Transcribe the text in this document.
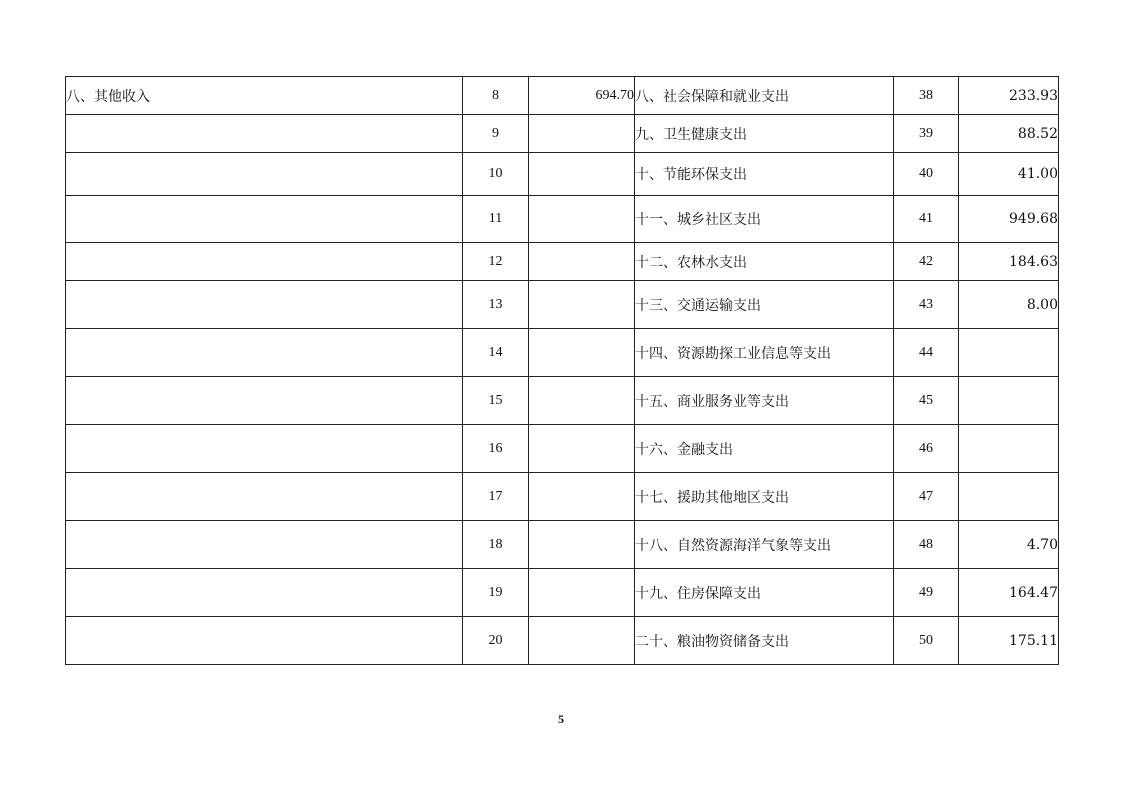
八、其他收入	8	694.70	八、社会保障和就业支出	38	233.93
	9		九、卫生健康支出	39	88.52
	10		十、节能环保支出	40	41.00
	11		十一、城乡社区支出	41	949.68
	12		十二、农林水支出	42	184.63
	13		十三、交通运输支出	43	8.00
	14		十四、资源勘探工业信息等支出	44	
	15		十五、商业服务业等支出	45	
	16		十六、金融支出	46	
	17		十七、援助其他地区支出	47	
	18		十八、自然资源海洋气象等支出	48	4.70
	19		十九、住房保障支出	49	164.47
	20		二十、粮油物资储备支出	50	175.11
5
